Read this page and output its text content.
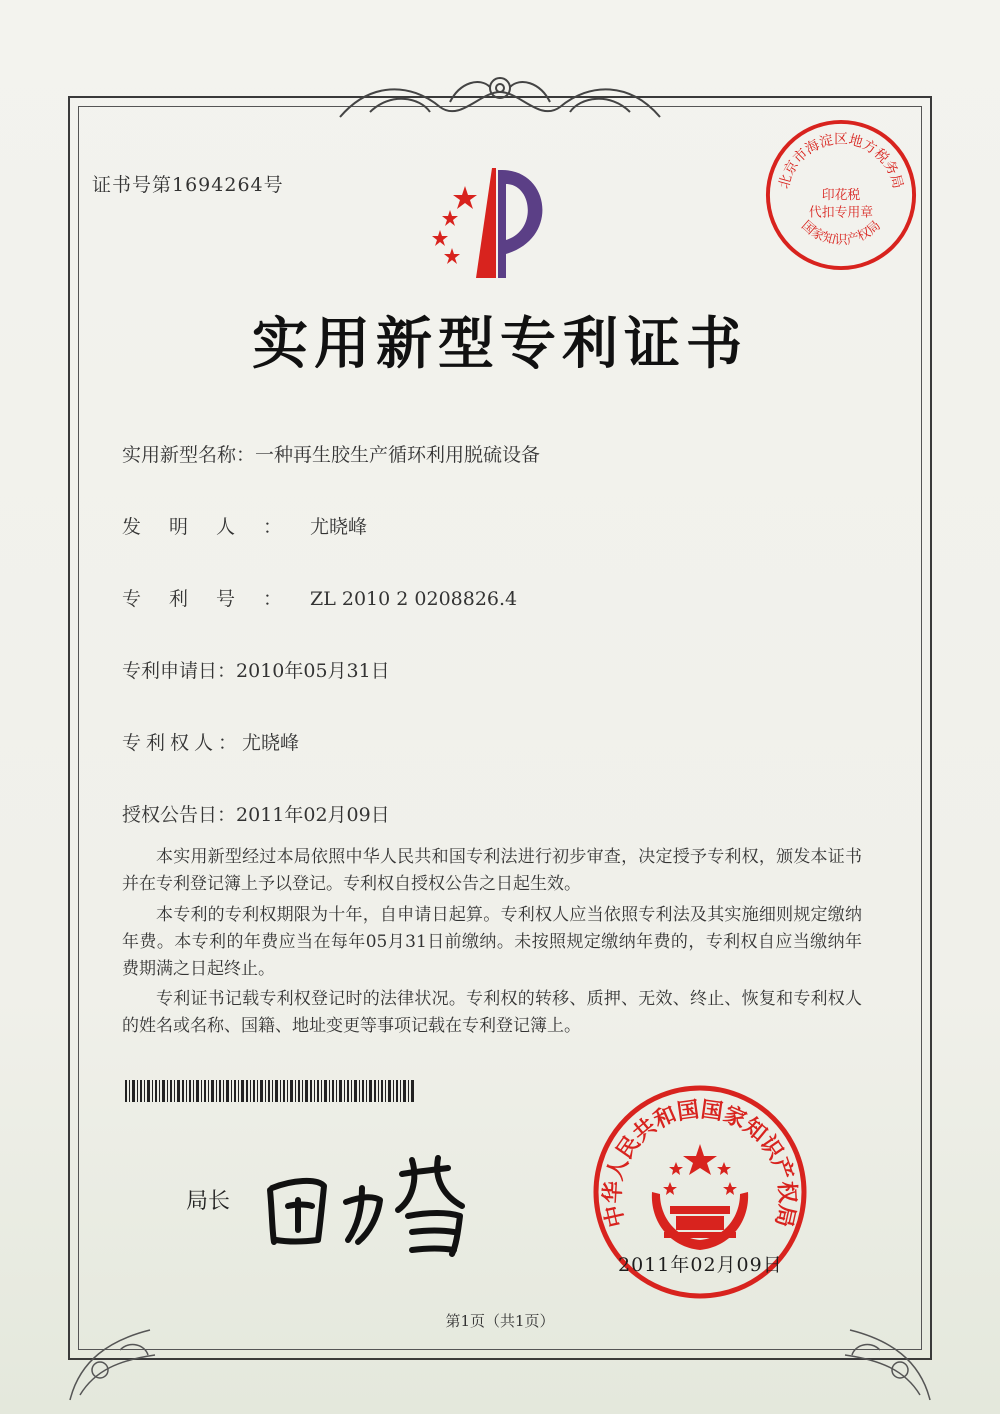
证书号第1694264号	北京市海淀区地方税务局
国家知识产权局
印花税
代扣专用章
实用新型专利证书
实用新型名称：一种再生胶生产循环利用脱硫设备
发明人：尤晓峰
专利号：ZL 2010 2 0208826.4
专利申请日：2010年05月31日
专利权人：尤晓峰
授权公告日：2011年02月09日
本实用新型经过本局依照中华人民共和国专利法进行初步审查，决定授予专利权，颁发本证书并在专利登记簿上予以登记。专利权自授权公告之日起生效。
本专利的专利权期限为十年，自申请日起算。专利权人应当依照专利法及其实施细则规定缴纳年费。本专利的年费应当在每年05月31日前缴纳。未按照规定缴纳年费的，专利权自应当缴纳年费期满之日起终止。
专利证书记载专利权登记时的法律状况。专利权的转移、质押、无效、终止、恢复和专利权人的姓名或名称、国籍、地址变更等事项记载在专利登记簿上。
局长
中华人民共和国国家知识产权局
2011年02月09日
第1页（共1页）
